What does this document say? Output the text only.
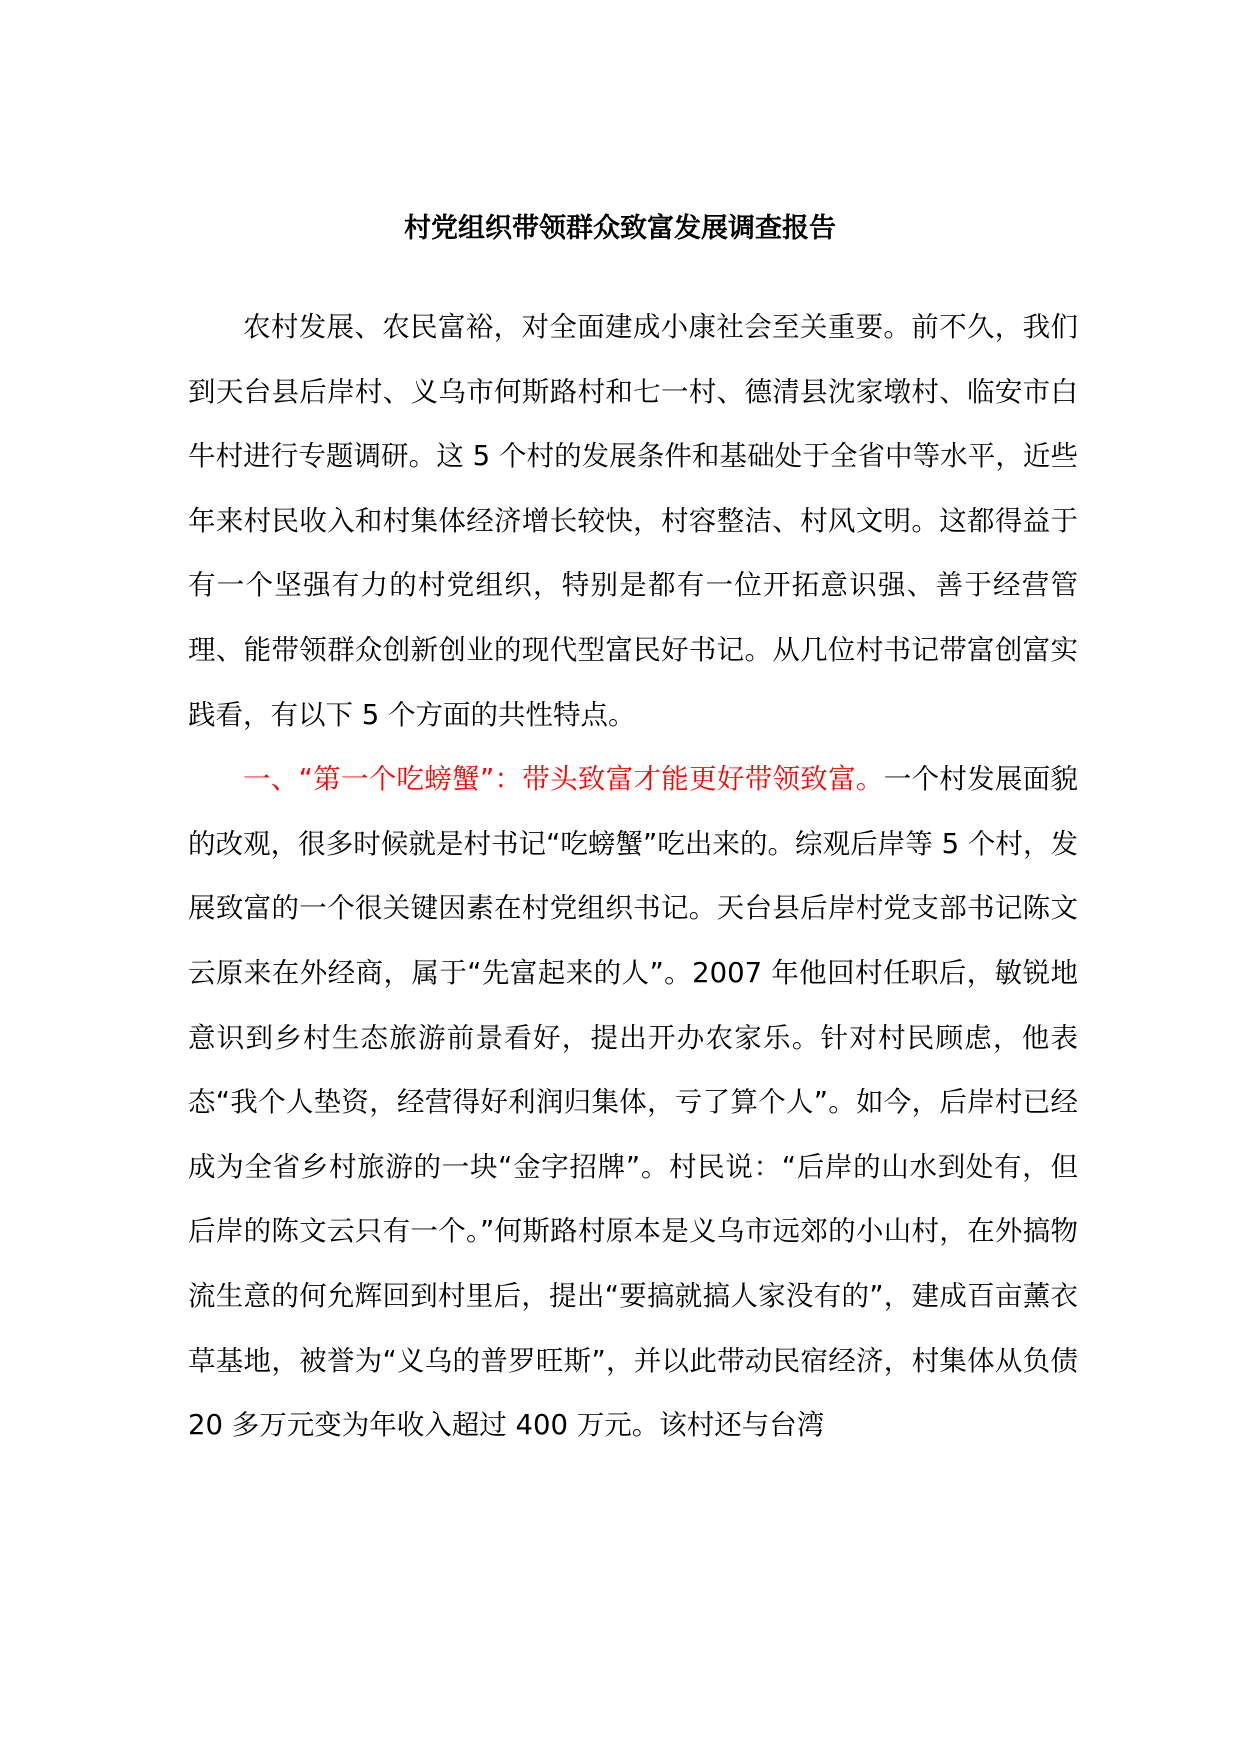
村党组织带领群众致富发展调查报告

农村发展、农民富裕，对全面建成小康社会至关重要。前不久，我们到天台县后岸村、义乌市何斯路村和七一村、德清县沈家墩村、临安市白牛村进行专题调研。这 5 个村的发展条件和基础处于全省中等水平，近些年来村民收入和村集体经济增长较快，村容整洁、村风文明。这都得益于有一个坚强有力的村党组织，特别是都有一位开拓意识强、善于经营管理、能带领群众创新创业的现代型富民好书记。从几位村书记带富创富实践看，有以下 5 个方面的共性特点。

一、“第一个吃螃蟹”：带头致富才能更好带领致富。一个村发展面貌的改观，很多时候就是村书记“吃螃蟹”吃出来的。综观后岸等 5 个村，发展致富的一个很关键因素在村党组织书记。天台县后岸村党支部书记陈文云原来在外经商，属于“先富起来的人”。2007 年他回村任职后，敏锐地意识到乡村生态旅游前景看好，提出开办农家乐。针对村民顾虑，他表态“我个人垫资，经营得好利润归集体，亏了算个人”。如今，后岸村已经成为全省乡村旅游的一块“金字招牌”。村民说：“后岸的山水到处有，但后岸的陈文云只有一个。”何斯路村原本是义乌市远郊的小山村，在外搞物流生意的何允辉回到村里后，提出“要搞就搞人家没有的”，建成百亩薰衣草基地，被誉为“义乌的普罗旺斯”，并以此带动民宿经济，村集体从负债 20 多万元变为年收入超过 400 万元。该村还与台湾
